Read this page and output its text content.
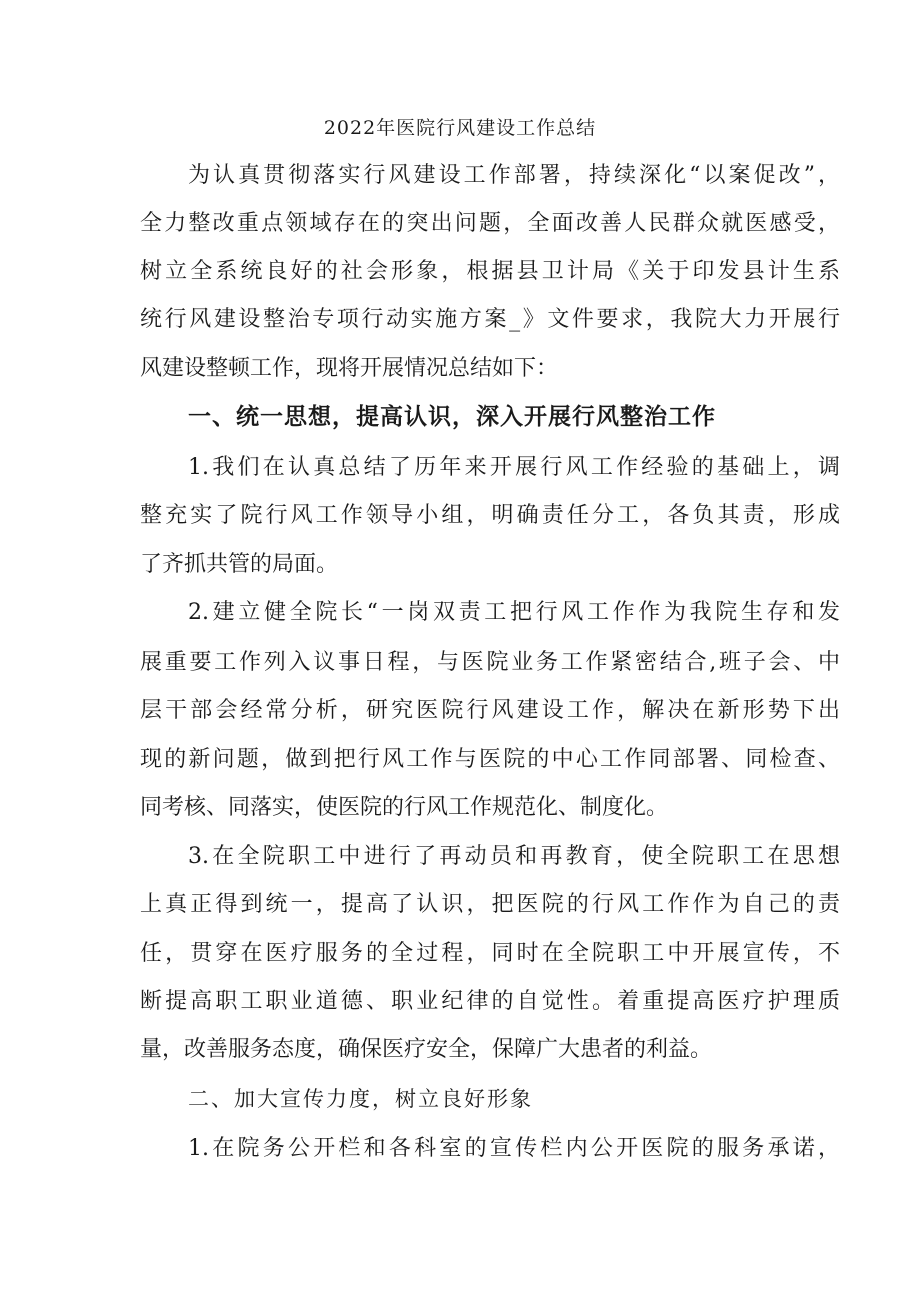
2022年医院行风建设工作总结
为认真贯彻落实行风建设工作部署，持续深化“以案促改”，
全力整改重点领域存在的突出问题，全面改善人民群众就医感受，
树立全系统良好的社会形象，根据县卫计局《关于印发县计生系
统行风建设整治专项行动实施方案_》文件要求，我院大力开展行
风建设整顿工作，现将开展情况总结如下：
一、统一思想，提高认识，深入开展行风整治工作
1.我们在认真总结了历年来开展行风工作经验的基础上，调
整充实了院行风工作领导小组，明确责任分工，各负其责，形成
了齐抓共管的局面。
2.建立健全院长“一岗双责工把行风工作作为我院生存和发
展重要工作列入议事日程，与医院业务工作紧密结合,班子会、中
层干部会经常分析，研究医院行风建设工作，解决在新形势下出
现的新问题，做到把行风工作与医院的中心工作同部署、同检查、
同考核、同落实，使医院的行风工作规范化、制度化。
3.在全院职工中进行了再动员和再教育，使全院职工在思想
上真正得到统一，提高了认识，把医院的行风工作作为自己的责
任，贯穿在医疗服务的全过程，同时在全院职工中开展宣传，不
断提高职工职业道德、职业纪律的自觉性。着重提高医疗护理质
量，改善服务态度，确保医疗安全，保障广大患者的利益。
二、加大宣传力度，树立良好形象
1.在院务公开栏和各科室的宣传栏内公开医院的服务承诺，
